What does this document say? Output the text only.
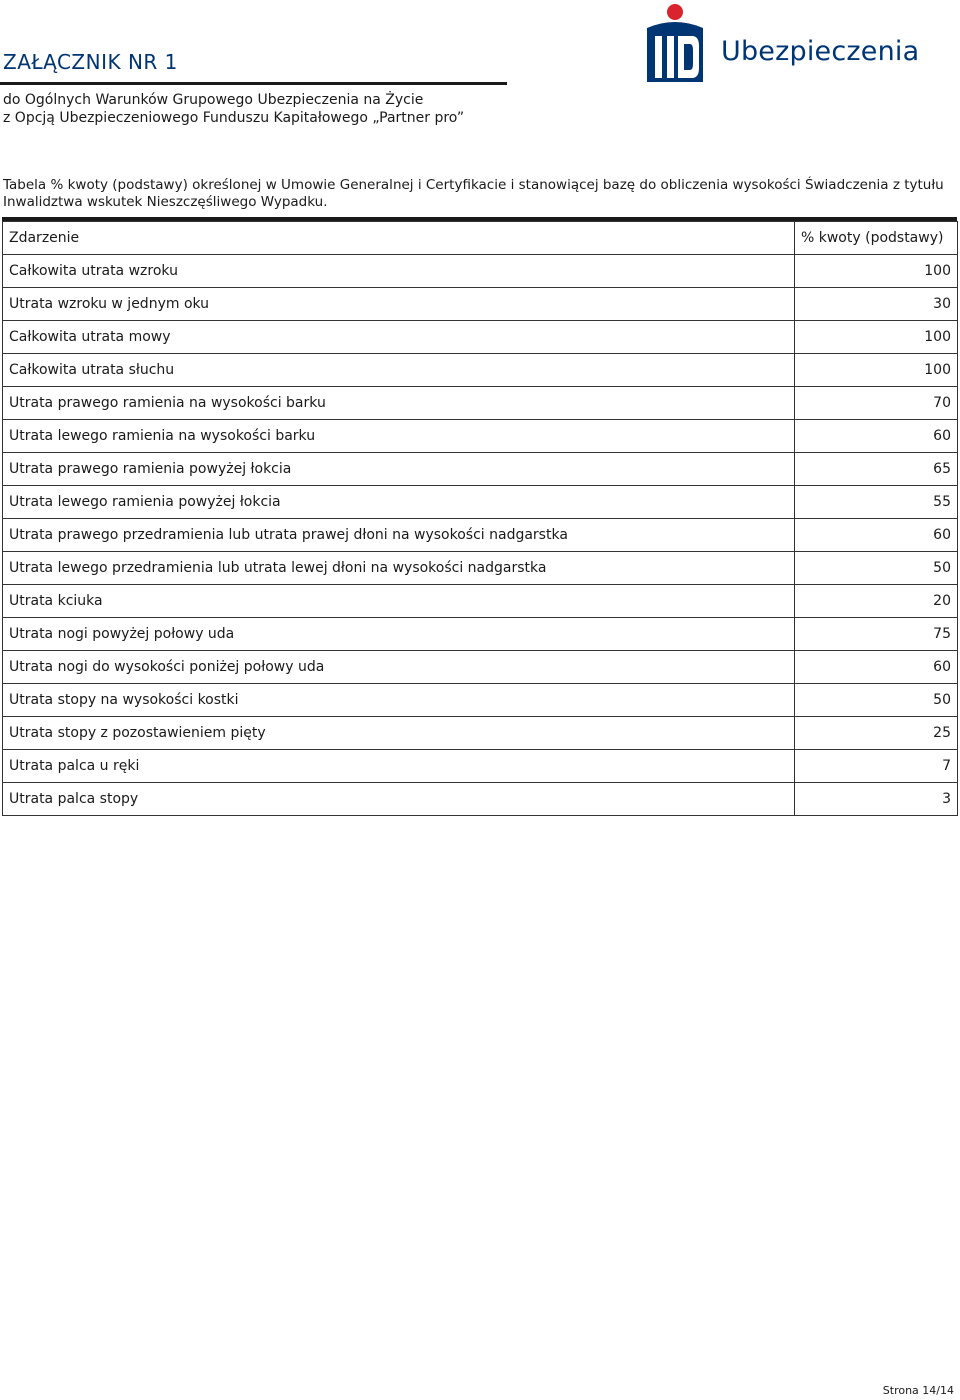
ZAŁĄCZNIK NR 1
do Ogólnych Warunków Grupowego Ubezpieczenia na Życie
z Opcją Ubezpieczeniowego Funduszu Kapitałowego „Partner pro”
Ubezpieczenia
Tabela % kwoty (podstawy) określonej w Umowie Generalnej i Certyfikacie i stanowiącej bazę do obliczenia wysokości Świadczenia z tytułu Inwalidztwa wskutek Nieszczęśliwego Wypadku.
Zdarzenie	% kwoty (podstawy)
Całkowita utrata wzroku	100
Utrata wzroku w jednym oku	30
Całkowita utrata mowy	100
Całkowita utrata słuchu	100
Utrata prawego ramienia na wysokości barku	70
Utrata lewego ramienia na wysokości barku	60
Utrata prawego ramienia powyżej łokcia	65
Utrata lewego ramienia powyżej łokcia	55
Utrata prawego przedramienia lub utrata prawej dłoni na wysokości nadgarstka	60
Utrata lewego przedramienia lub utrata lewej dłoni na wysokości nadgarstka	50
Utrata kciuka	20
Utrata nogi powyżej połowy uda	75
Utrata nogi do wysokości poniżej połowy uda	60
Utrata stopy na wysokości kostki	50
Utrata stopy z pozostawieniem pięty	25
Utrata palca u ręki	7
Utrata palca stopy	3
Strona 14/14
